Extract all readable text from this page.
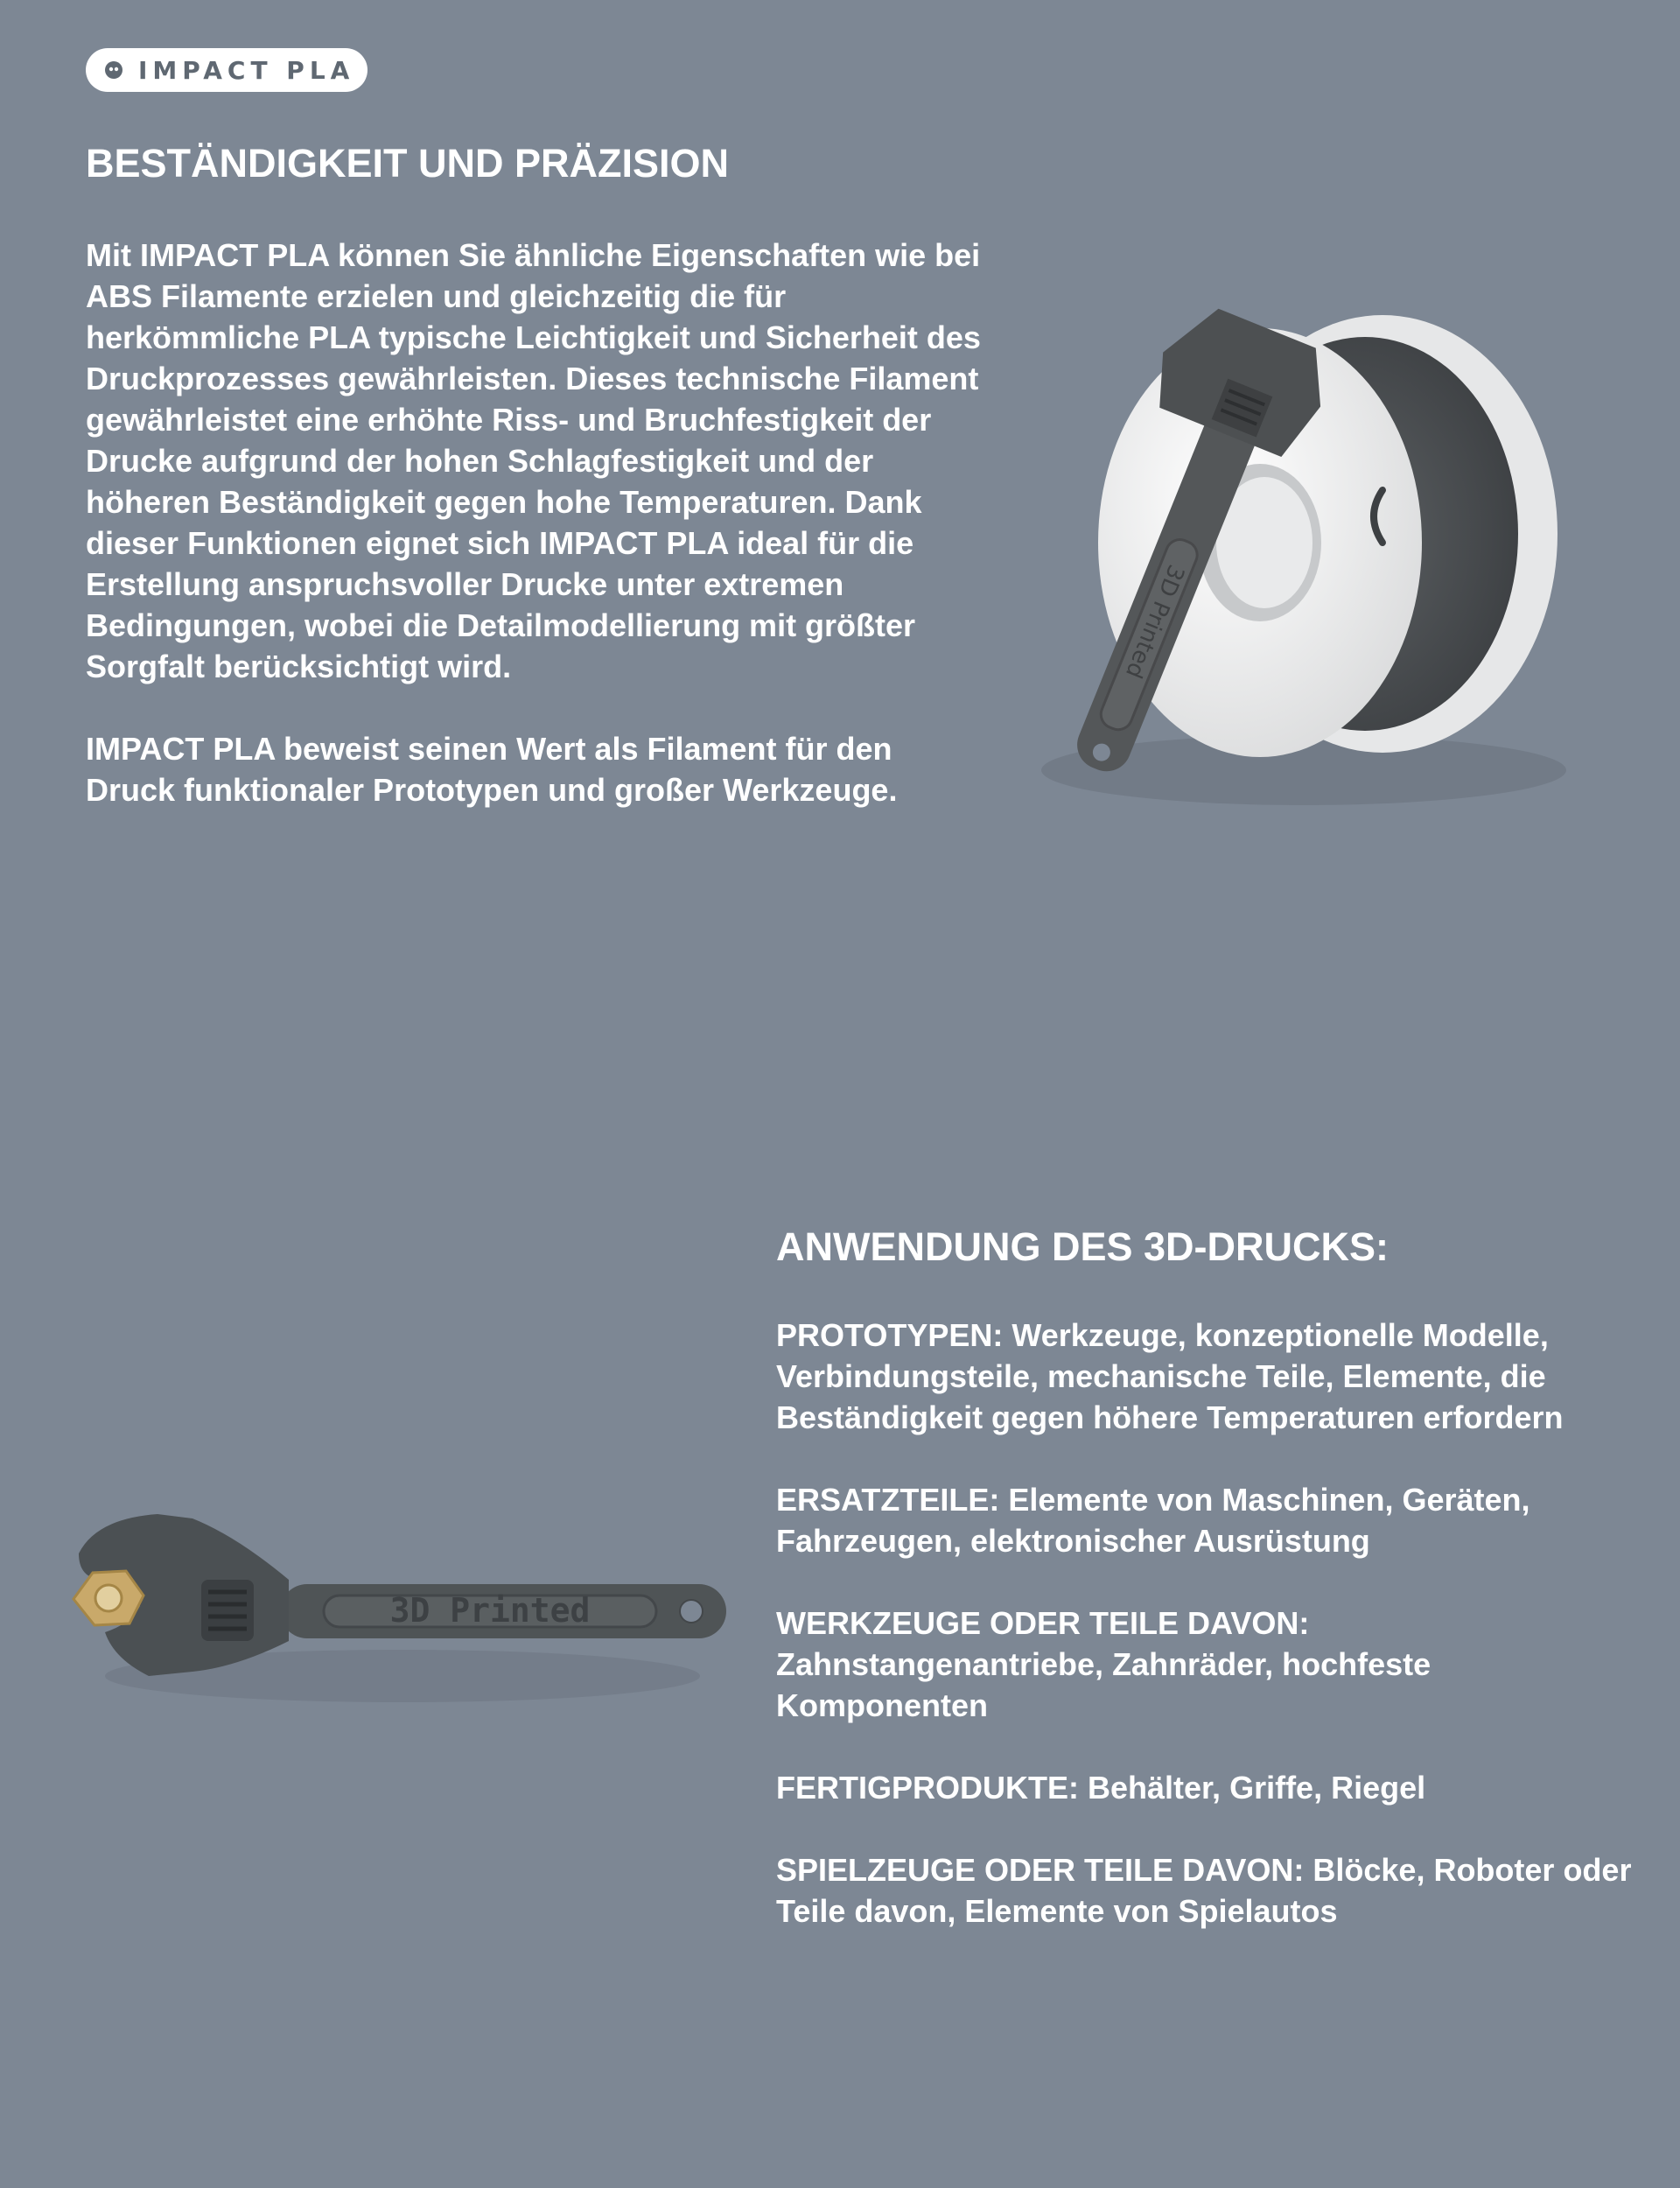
IMPACT PLA
BESTÄNDIGKEIT UND PRÄZISION

Mit IMPACT PLA können Sie ähnliche Eigenschaften wie bei ABS Filamente erzielen und gleichzeitig die für herkömmliche PLA typische Leichtigkeit und Sicherheit des Druckprozesses gewährleisten. Dieses technische Filament gewährleistet eine erhöhte Riss- und Bruchfestigkeit der Drucke aufgrund der hohen Schlagfestigkeit und der höheren Beständigkeit gegen hohe Temperaturen. Dank dieser Funktionen eignet sich IMPACT PLA ideal für die Erstellung anspruchsvoller Drucke unter extremen Bedingungen, wobei die Detailmodellierung mit größter Sorgfalt berücksichtigt wird.

IMPACT PLA beweist seinen Wert als Filament für den Druck funktionaler Prototypen und großer Werkzeuge.

3D Printed
3D Printed
ANWENDUNG DES 3D-DRUCKS:

PROTOTYPEN: Werkzeuge, konzeptionelle Modelle, Verbindungsteile, mechanische Teile, Elemente, die Beständigkeit gegen höhere Temperaturen erfordern

ERSATZTEILE: Elemente von Maschinen, Geräten, Fahrzeugen, elektronischer Ausrüstung

WERKZEUGE ODER TEILE DAVON: Zahnstangenantriebe, Zahnräder, hochfeste Komponenten

FERTIGPRODUKTE: Behälter, Griffe, Riegel

SPIELZEUGE ODER TEILE DAVON: Blöcke, Roboter oder Teile davon, Elemente von Spielautos
